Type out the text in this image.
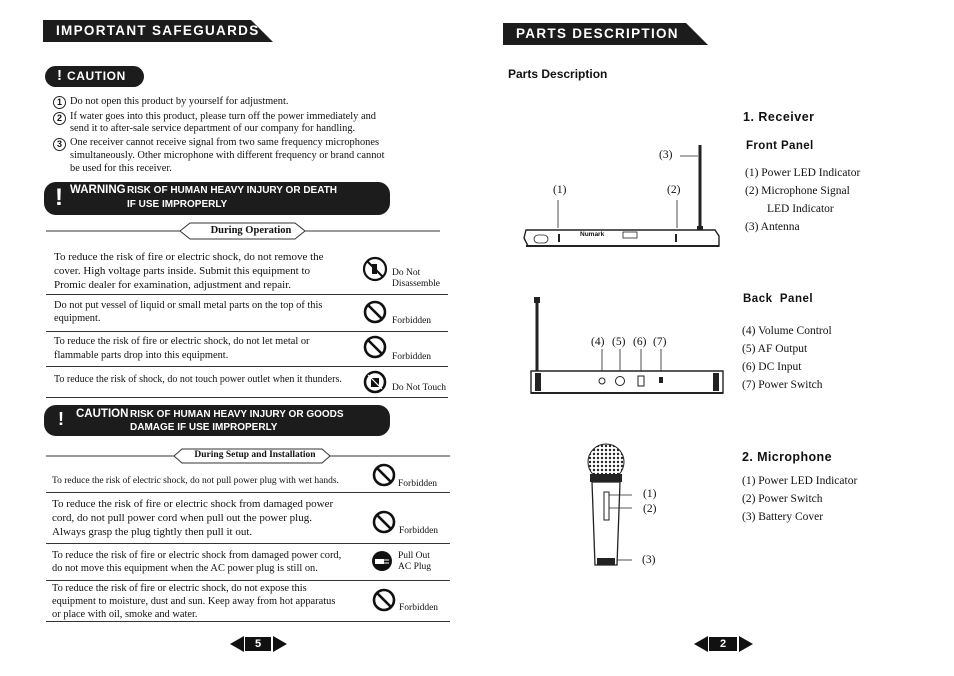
IMPORTANT SAFEGUARDS
! CAUTION
1 Do not open this product by yourself for adjustment.
2 If water goes into this product, please turn off the power immediately and
send it to after-sale service department of our company for handling.
3 One receiver cannot receive signal from two same frequency microphones
simultaneously. Other microphone with different frequency or brand cannot
be used for this receiver.
! WARNING RISK OF HUMAN HEAVY INJURY OR DEATH
IF USE IMPROPERLY
During Operation
To reduce the risk of fire or electric shock, do not remove the
cover. High voltage parts inside. Submit this equipment to
Promic dealer for examination, adjustment and repair.
Do Not
Disassemble
Do not put vessel of liquid or small metal parts on the top of this
equipment.	Forbidden
To reduce the risk of fire or electric shock, do not let metal or
flammable parts drop into this equipment.	Forbidden
To reduce the risk of shock, do not touch power outlet when it thunders.
Do Not Touch
! CAUTION RISK OF HUMAN HEAVY INJURY OR GOODS
DAMAGE IF USE IMPROPERLY
During Setup and Installation
To reduce the risk of electric shock, do not pull power plug with wet hands.	Forbidden
To reduce the risk of fire or electric shock from damaged power
cord, do not pull power cord when pull out the power plug.
Always grasp the plug tightly then pull it out.	Forbidden
To reduce the risk of fire or electric shock from damaged power cord,
do not move this equipment when the AC power plug is still on.
Pull Out
AC Plug
To reduce the risk of fire or electric shock, do not expose this
equipment to moisture, dust and sun. Keep away from hot apparatus
or place with oil, smoke and water.
Forbidden
5
PARTS DESCRIPTION
Parts Description
1. Receiver
Front Panel
(1) Power LED Indicator
(2) Microphone Signal
LED Indicator
(3) Antenna
Numark
(1)	(2)
(3)
Back  Panel
(4) Volume Control
(5) AF Output
(6) DC Input
(7) Power Switch
(4) (5) (6) (7)
2. Microphone
(1) Power LED Indicator
(2) Power Switch
(3) Battery Cover
(1)
(2)
(3)
2
